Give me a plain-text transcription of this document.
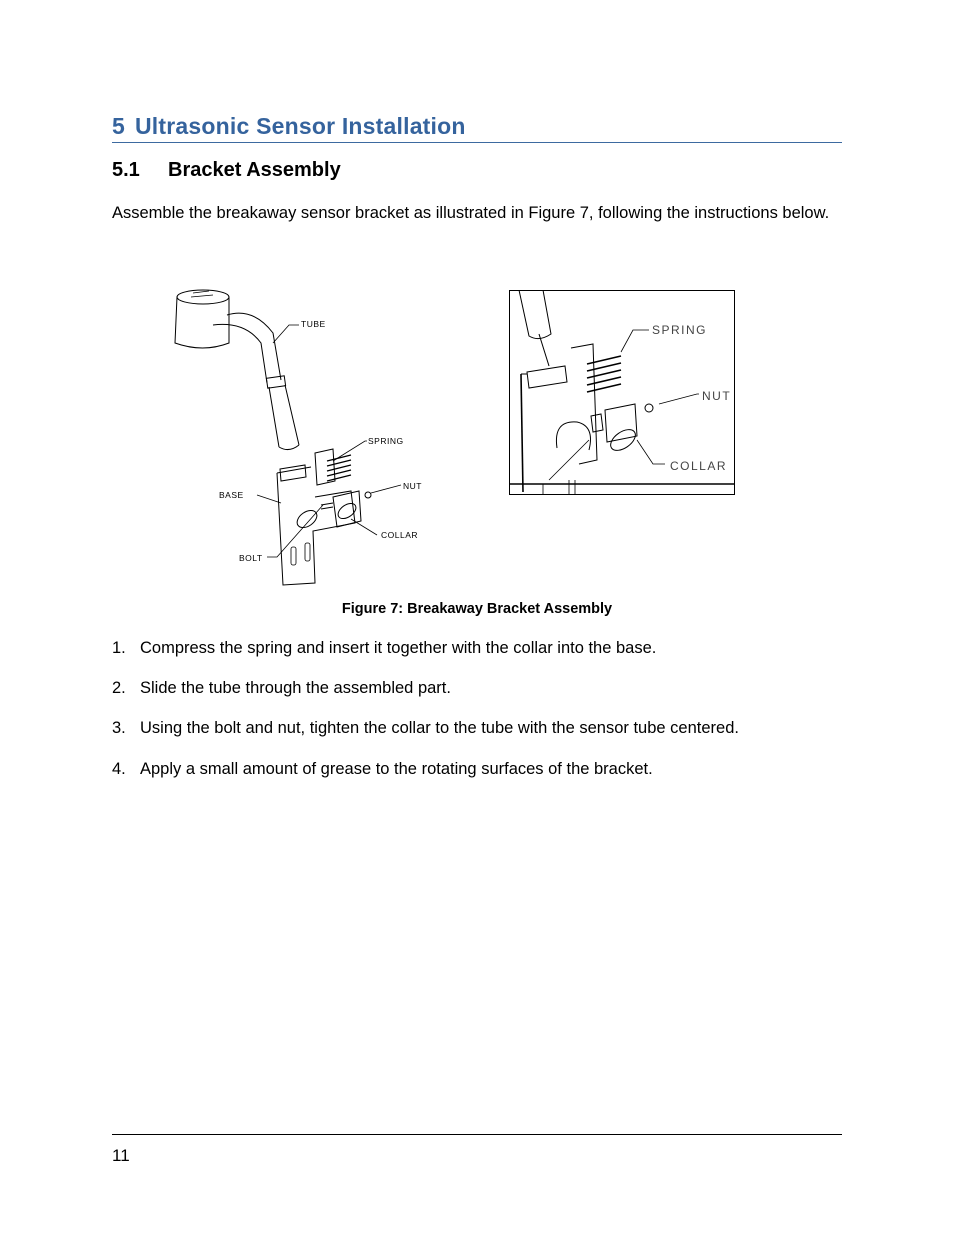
5 Ultrasonic Sensor Installation
5.1 Bracket Assembly
Assemble the breakaway sensor bracket as illustrated in Figure 7, following the instructions below.
TUBE
SPRING
BASE
NUT
COLLAR
BOLT
SPRING
NUT
COLLAR
Figure 7: Breakaway Bracket Assembly
1. Compress the spring and insert it together with the collar into the base.
2. Slide the tube through the assembled part.
3. Using the bolt and nut, tighten the collar to the tube with the sensor tube centered.
4. Apply a small amount of grease to the rotating surfaces of the bracket.
11
